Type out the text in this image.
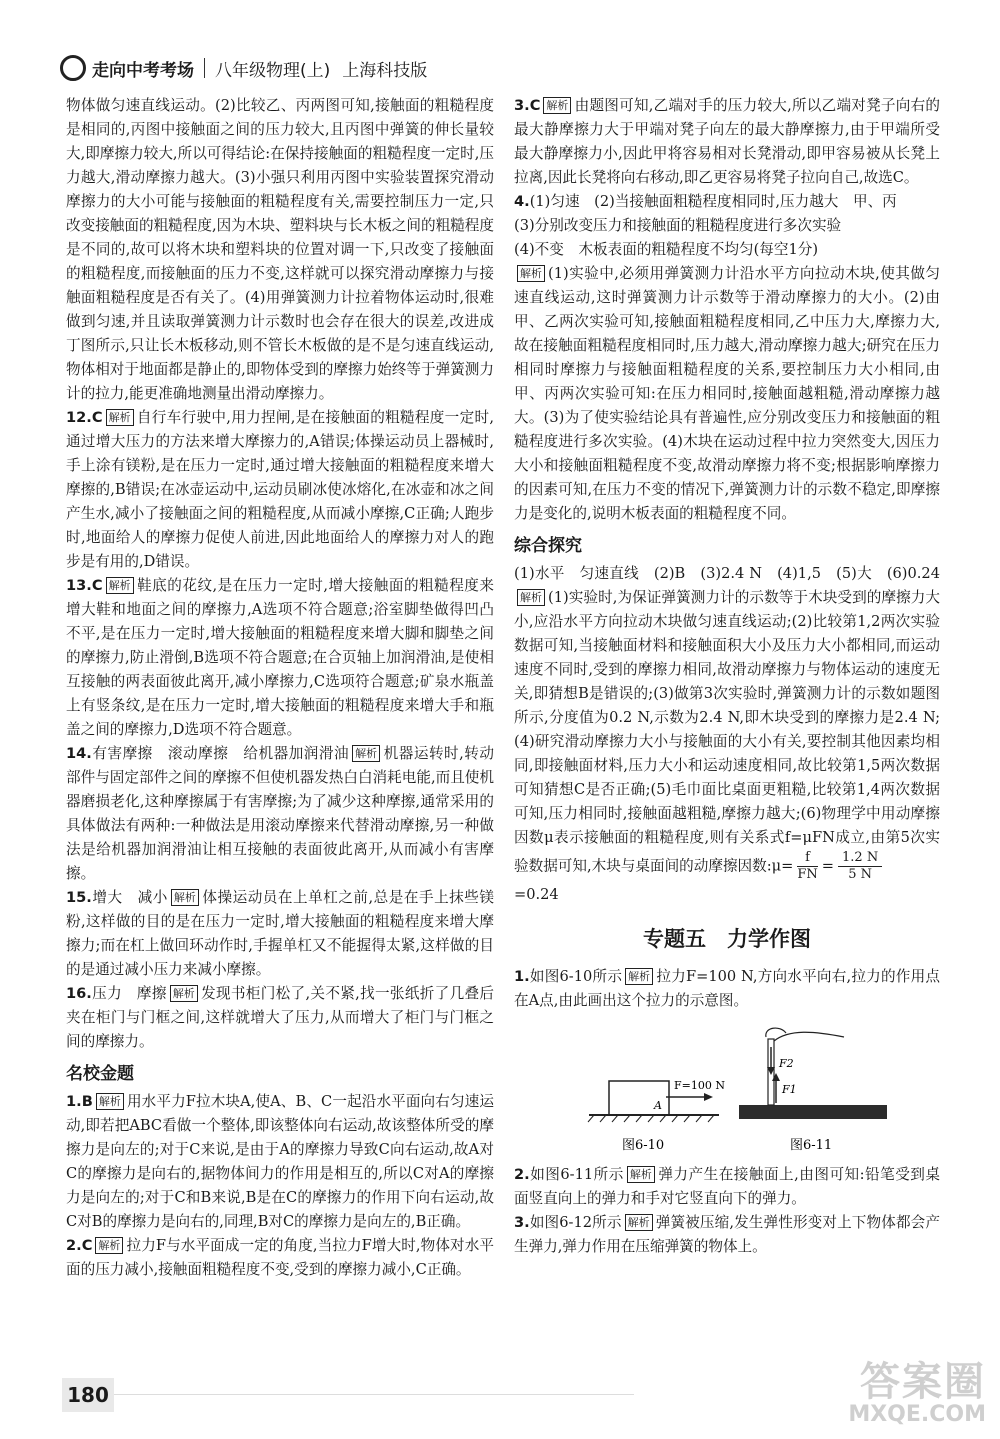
走向中考考场 八年级物理(上) 上海科技版

物体做匀速直线运动。(2)比较乙、丙两图可知,接触面的粗糙程度是相同的,丙图中接触面之间的压力较大,且丙图中弹簧的伸长量较大,即摩擦力较大,所以可得结论:在保持接触面的粗糙程度一定时,压力越大,滑动摩擦力越大。(3)小强只利用丙图中实验装置探究滑动摩擦力的大小可能与接触面的粗糙程度有关,需要控制压力一定,只改变接触面的粗糙程度,因为木块、塑料块与长木板之间的粗糙程度是不同的,故可以将木块和塑料块的位置对调一下,只改变了接触面的粗糙程度,而接触面的压力不变,这样就可以探究滑动摩擦力与接触面粗糙程度是否有关了。(4)用弹簧测力计拉着物体运动时,很难做到匀速,并且读取弹簧测力计示数时也会存在很大的误差,改进成丁图所示,只让长木板移动,则不管长木板做的是不是匀速直线运动,物体相对于地面都是静止的,即物体受到的摩擦力始终等于弹簧测力计的拉力,能更准确地测量出滑动摩擦力。

12.C 解析 自行车行驶中,用力捏闸,是在接触面的粗糙程度一定时,通过增大压力的方法来增大摩擦力的,A错误;体操运动员上器械时,手上涂有镁粉,是在压力一定时,通过增大接触面的粗糙程度来增大摩擦的,B错误;在冰壶运动中,运动员刷冰使冰熔化,在冰壶和冰之间产生水,减小了接触面之间的粗糙程度,从而减小摩擦,C正确;人跑步时,地面给人的摩擦力促使人前进,因此地面给人的摩擦力对人的跑步是有用的,D错误。

13.C 解析 鞋底的花纹,是在压力一定时,增大接触面的粗糙程度来增大鞋和地面之间的摩擦力,A选项不符合题意;浴室脚垫做得凹凸不平,是在压力一定时,增大接触面的粗糙程度来增大脚和脚垫之间的摩擦力,防止滑倒,B选项不符合题意;在合页轴上加润滑油,是使相互接触的两表面彼此离开,减小摩擦力,C选项符合题意;矿泉水瓶盖上有竖条纹,是在压力一定时,增大接触面的粗糙程度来增大手和瓶盖之间的摩擦力,D选项不符合题意。

14.有害摩擦　滚动摩擦　给机器加润滑油 解析 机器运转时,转动部件与固定部件之间的摩擦不但使机器发热白白消耗电能,而且使机器磨损老化,这种摩擦属于有害摩擦;为了减少这种摩擦,通常采用的具体做法有两种:一种做法是用滚动摩擦来代替滑动摩擦,另一种做法是给机器加润滑油让相互接触的表面彼此离开,从而减小有害摩擦。

15.增大　减小 解析 体操运动员在上单杠之前,总是在手上抹些镁粉,这样做的目的是在压力一定时,增大接触面的粗糙程度来增大摩擦力;而在杠上做回环动作时,手握单杠又不能握得太紧,这样做的目的是通过减小压力来减小摩擦。

16.压力　摩擦 解析 发现书柜门松了,关不紧,找一张纸折了几叠后夹在柜门与门框之间,这样就增大了压力,从而增大了柜门与门框之间的摩擦力。

名校金题

1.B 解析 用水平力F拉木块A,使A、B、C一起沿水平面向右匀速运动,即若把ABC看做一个整体,即该整体向右运动,故该整体所受的摩擦力是向左的;对于C来说,是由于A的摩擦力导致C向右运动,故A对C的摩擦力是向右的,据物体间力的作用是相互的,所以C对A的摩擦力是向左的;对于C和B来说,B是在C的摩擦力的作用下向右运动,故C对B的摩擦力是向右的,同理,B对C的摩擦力是向左的,B正确。

2.C 解析 拉力F与水平面成一定的角度,当拉力F增大时,物体对水平面的压力减小,接触面粗糙程度不变,受到的摩擦力减小,C正确。

3.C 解析 由题图可知,乙端对手的压力较大,所以乙端对凳子向右的最大静摩擦力大于甲端对凳子向左的最大静摩擦力,由于甲端所受最大静摩擦力小,因此甲将容易相对长凳滑动,即甲容易被从长凳上拉离,因此长凳将向右移动,即乙更容易将凳子拉向自己,故选C。

4.(1)匀速　(2)当接触面粗糙程度相同时,压力越大　甲、丙
(3)分别改变压力和接触面的粗糙程度进行多次实验
(4)不变　木板表面的粗糙程度不均匀(每空1分)
解析 (1)实验中,必须用弹簧测力计沿水平方向拉动木块,使其做匀速直线运动,这时弹簧测力计示数等于滑动摩擦力的大小。(2)由甲、乙两次实验可知,接触面粗糙程度相同,乙中压力大,摩擦力大,故在接触面粗糙程度相同时,压力越大,滑动摩擦力越大;研究在压力相同时摩擦力与接触面粗糙程度的关系,要控制压力大小相同,由甲、丙两次实验可知:在压力相同时,接触面越粗糙,滑动摩擦力越大。(3)为了使实验结论具有普遍性,应分别改变压力和接触面的粗糙程度进行多次实验。(4)木块在运动过程中拉力突然变大,因压力大小和接触面粗糙程度不变,故滑动摩擦力将不变;根据影响摩擦力的因素可知,在压力不变的情况下,弹簧测力计的示数不稳定,即摩擦力是变化的,说明木板表面的粗糙程度不同。

综合探究

(1)水平　匀速直线　(2)B　(3)2.4 N　(4)1,5　(5)大　(6)0.24解析 (1)实验时,为保证弹簧测力计的示数等于木块受到的摩擦力大小,应沿水平方向拉动木块做匀速直线运动;(2)比较第1,2两次实验数据可知,当接触面材料和接触面积大小及压力大小都相同,而运动速度不同时,受到的摩擦力相同,故滑动摩擦力与物体运动的速度无关,即猜想B是错误的;(3)做第3次实验时,弹簧测力计的示数如题图所示,分度值为0.2 N,示数为2.4 N,即木块受到的摩擦力是2.4 N;(4)研究滑动摩擦力大小与接触面的大小有关,要控制其他因素均相同,即接触面材料,压力大小和运动速度相同,故比较第1,5两次数据可知猜想C是否正确;(5)毛巾面比桌面更粗糙,比较第1,4两次数据可知,压力相同时,接触面越粗糙,摩擦力越大;(6)物理学中用动摩擦因数μ表示接触面的粗糙程度,则有关系式f=μFN成立,由第5次实验数据可知,木块与桌面间的动摩擦因数:μ= $\frac{f}{FN} = \frac{1.2 N}{5 N}$
=0.24

专题五　力学作图

1.如图6-10所示 解析 拉力F=100 N,方向水平向右,拉力的作用点在A点,由此画出这个拉力的示意图。

A
F=100 N
图6-10
F2
F1
图6-11

2.如图6-11所示 解析 弹力产生在接触面上,由图可知:铅笔受到桌面竖直向上的弹力和手对它竖直向下的弹力。

3.如图6-12所示 解析 弹簧被压缩,发生弹性形变对上下物体都会产生弹力,弹力作用在压缩弹簧的物体上。

180	答案圈
MXQE.COM
